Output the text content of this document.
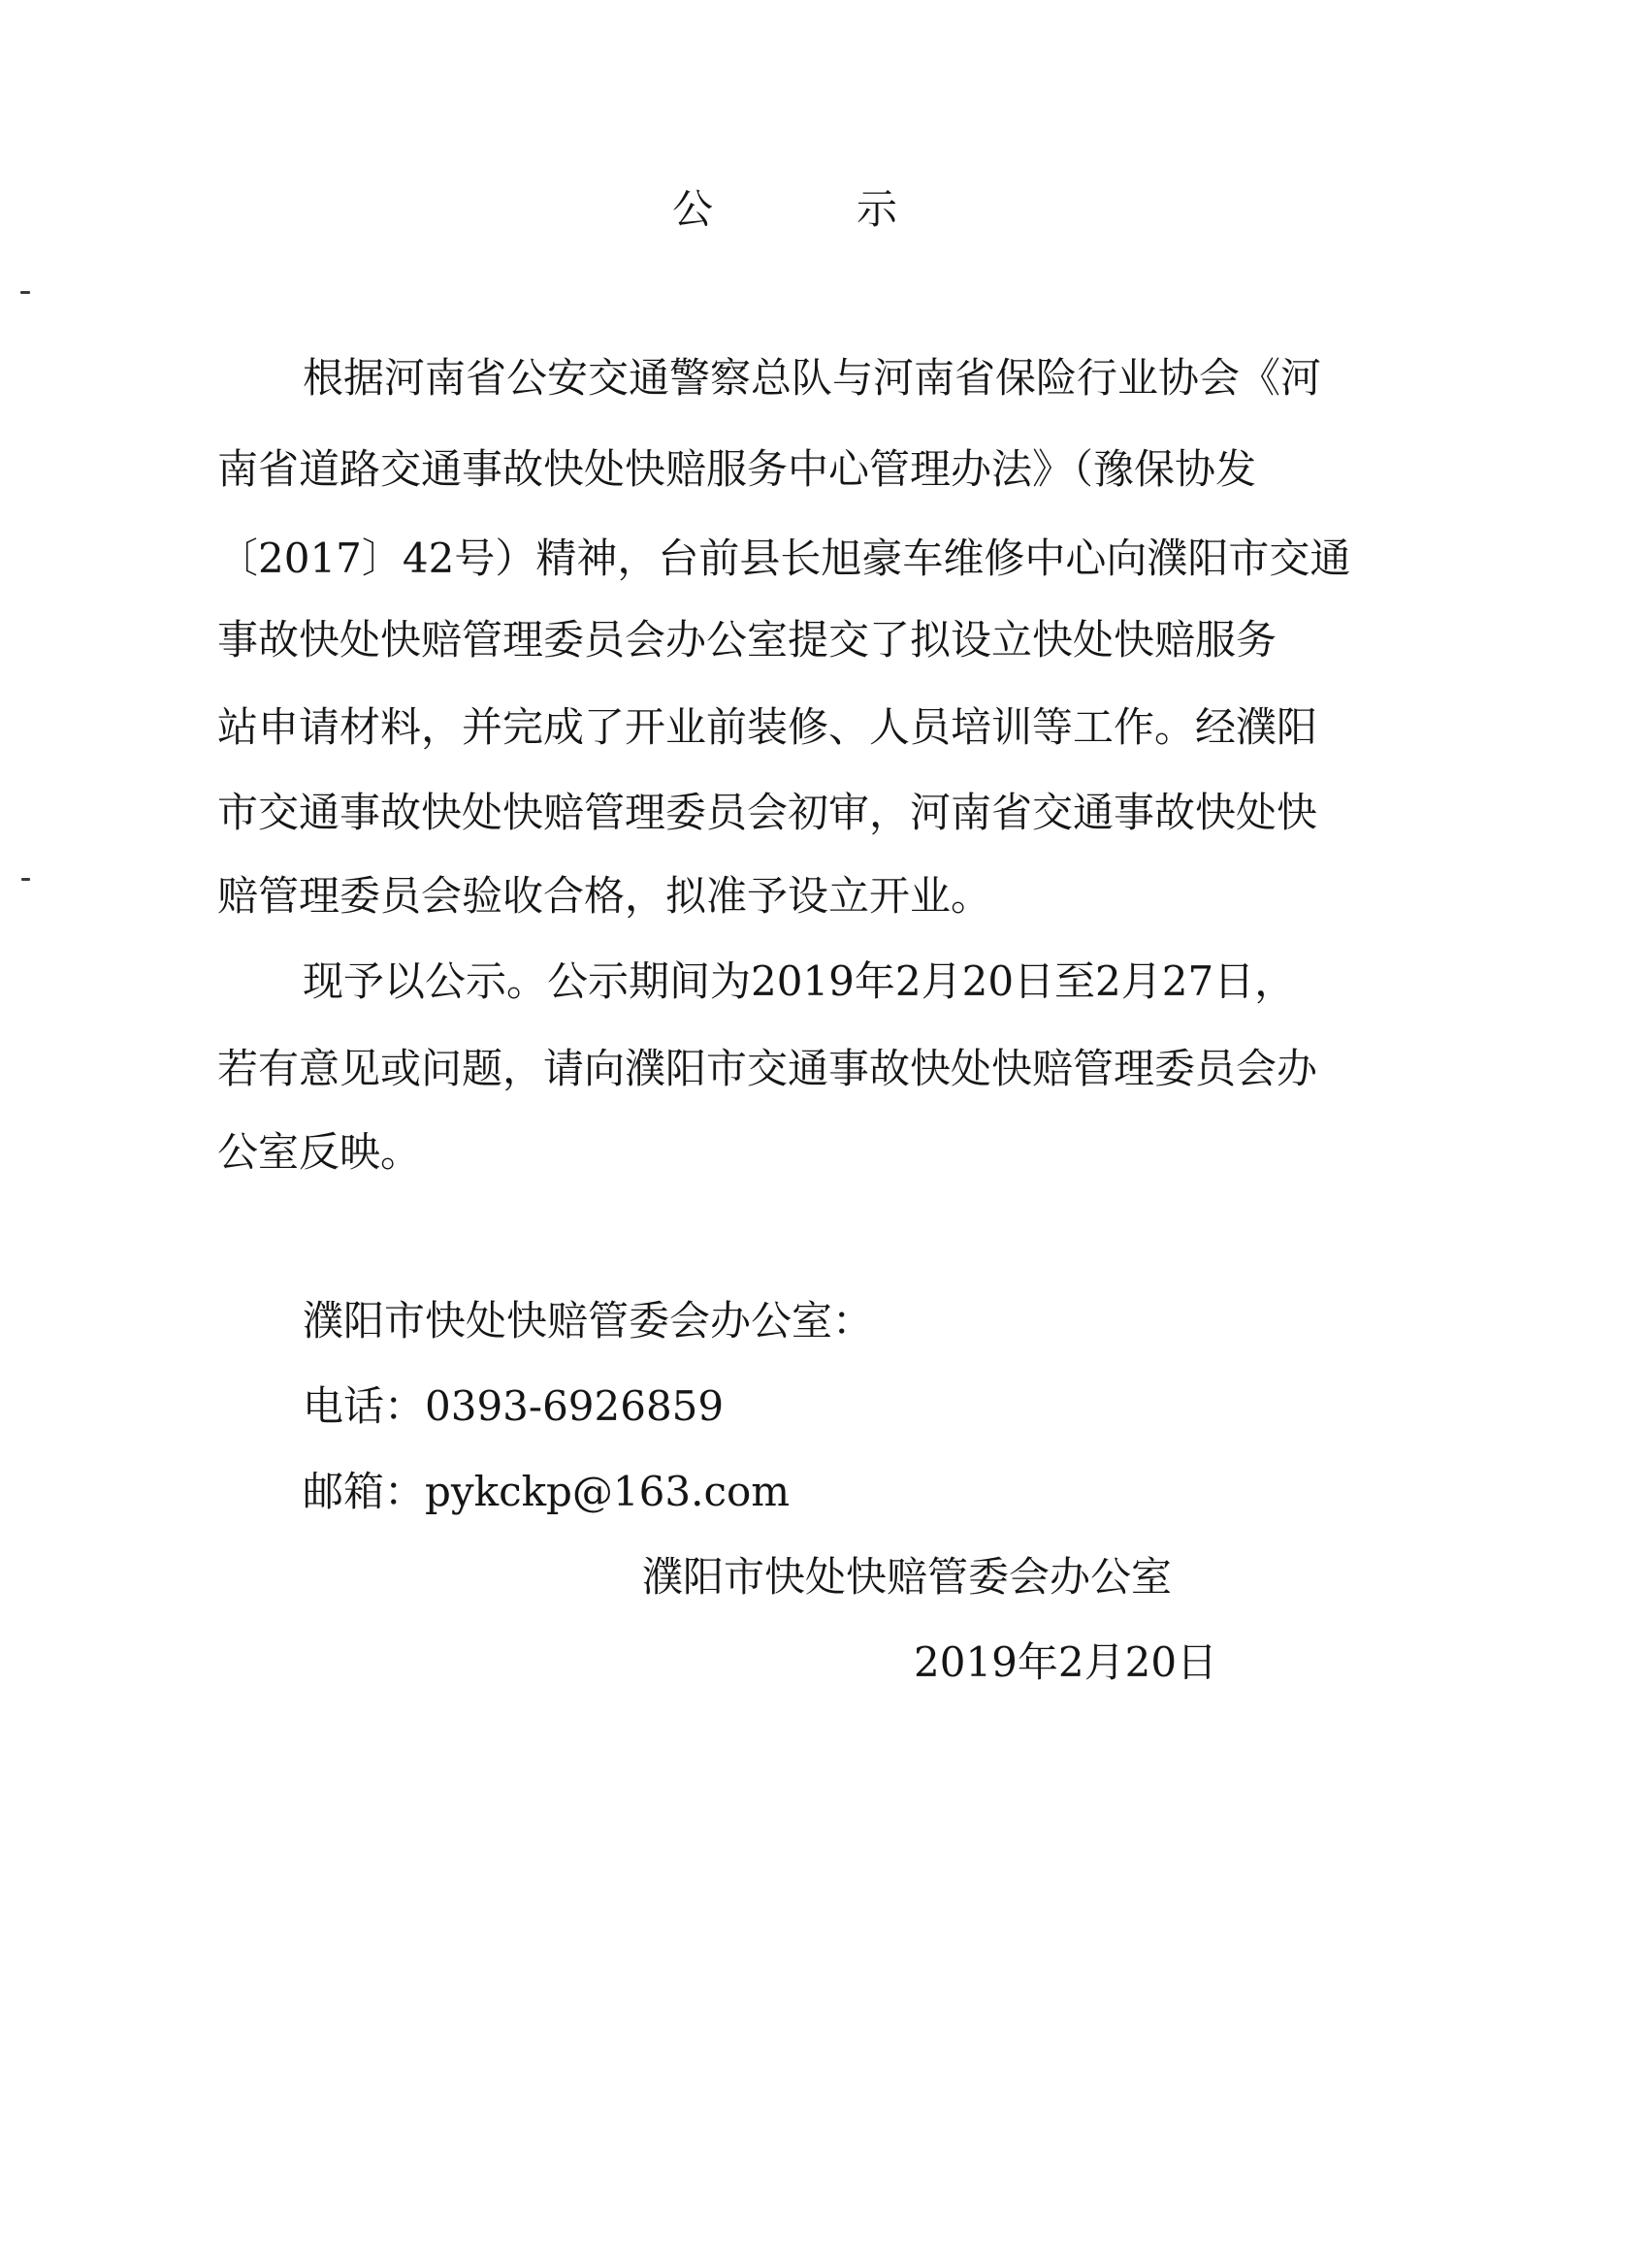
公示
根据河南省公安交通警察总队与河南省保险行业协会《河
南省道路交通事故快处快赔服务中心管理办法》（豫保协发
〔2017〕42号）精神，台前县长旭豪车维修中心向濮阳市交通
事故快处快赔管理委员会办公室提交了拟设立快处快赔服务
站申请材料，并完成了开业前装修、人员培训等工作。经濮阳
市交通事故快处快赔管理委员会初审，河南省交通事故快处快
赔管理委员会验收合格，拟准予设立开业。
现予以公示。公示期间为2019年2月20日至2月27日，
若有意见或问题，请向濮阳市交通事故快处快赔管理委员会办
公室反映。
濮阳市快处快赔管委会办公室：
电话：0393-6926859
邮箱：pykckp@163.com
濮阳市快处快赔管委会办公室
2019年2月20日
